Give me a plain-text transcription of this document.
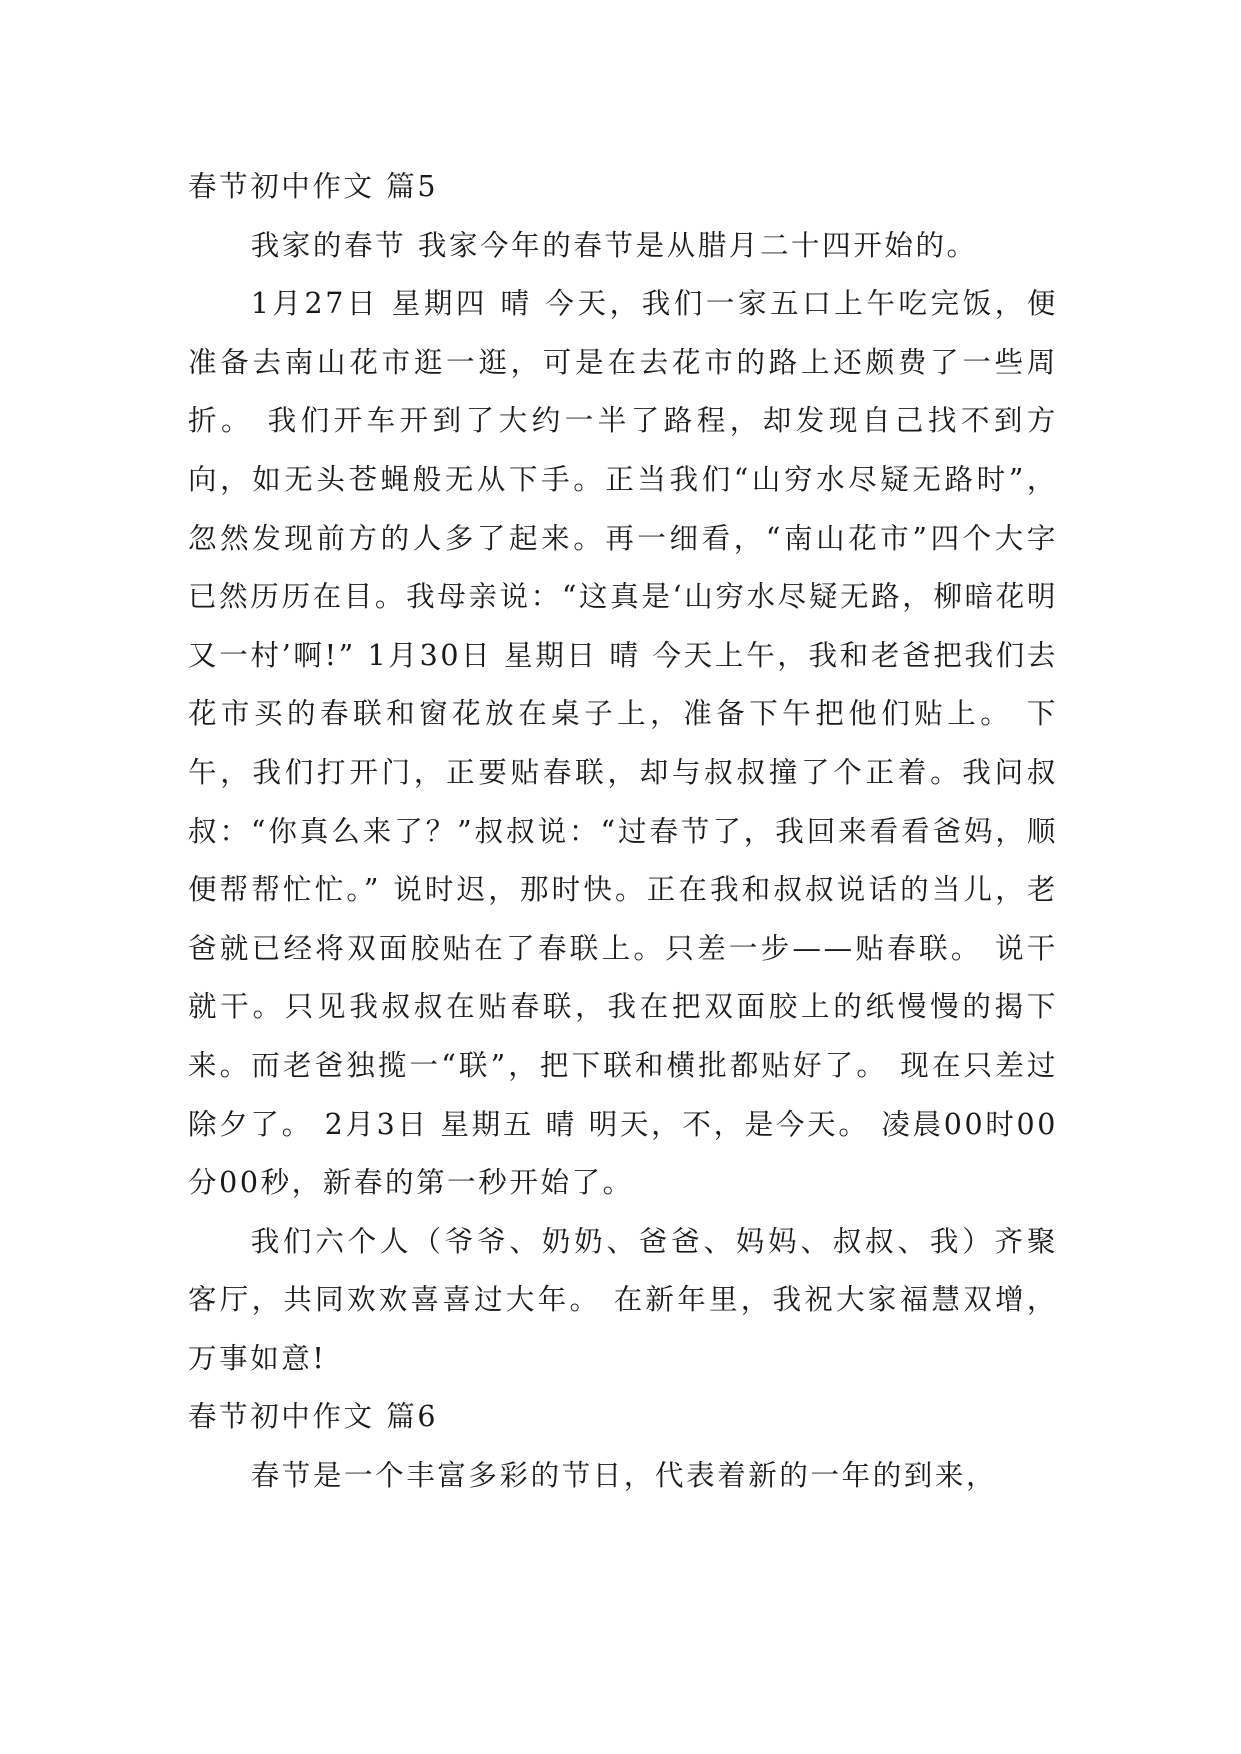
春节初中作文 篇5

我家的春节 我家今年的春节是从腊月二十四开始的。

1月27日 星期四 晴 今天，我们一家五口上午吃完饭，便准备去南山花市逛一逛，可是在去花市的路上还颇费了一些周折。 我们开车开到了大约一半了路程，却发现自己找不到方向，如无头苍蝇般无从下手。正当我们“山穷水尽疑无路时”，忽然发现前方的人多了起来。再一细看，“南山花市”四个大字已然历历在目。我母亲说：“这真是‘山穷水尽疑无路，柳暗花明又一村’啊!” 1月30日 星期日 晴 今天上午，我和老爸把我们去花市买的春联和窗花放在桌子上，准备下午把他们贴上。 下午，我们打开门，正要贴春联，却与叔叔撞了个正着。我问叔叔：“你真么来了？”叔叔说：“过春节了，我回来看看爸妈，顺便帮帮忙忙。” 说时迟，那时快。正在我和叔叔说话的当儿，老爸就已经将双面胶贴在了春联上。只差一步——贴春联。 说干就干。只见我叔叔在贴春联，我在把双面胶上的纸慢慢的揭下来。而老爸独揽一“联”，把下联和横批都贴好了。 现在只差过除夕了。 2月3日 星期五 晴 明天，不，是今天。 凌晨00时00分00秒，新春的第一秒开始了。

我们六个人（爷爷、奶奶、爸爸、妈妈、叔叔、我）齐聚客厅，共同欢欢喜喜过大年。 在新年里，我祝大家福慧双增，万事如意!

春节初中作文 篇6

春节是一个丰富多彩的节日，代表着新的一年的到来，
